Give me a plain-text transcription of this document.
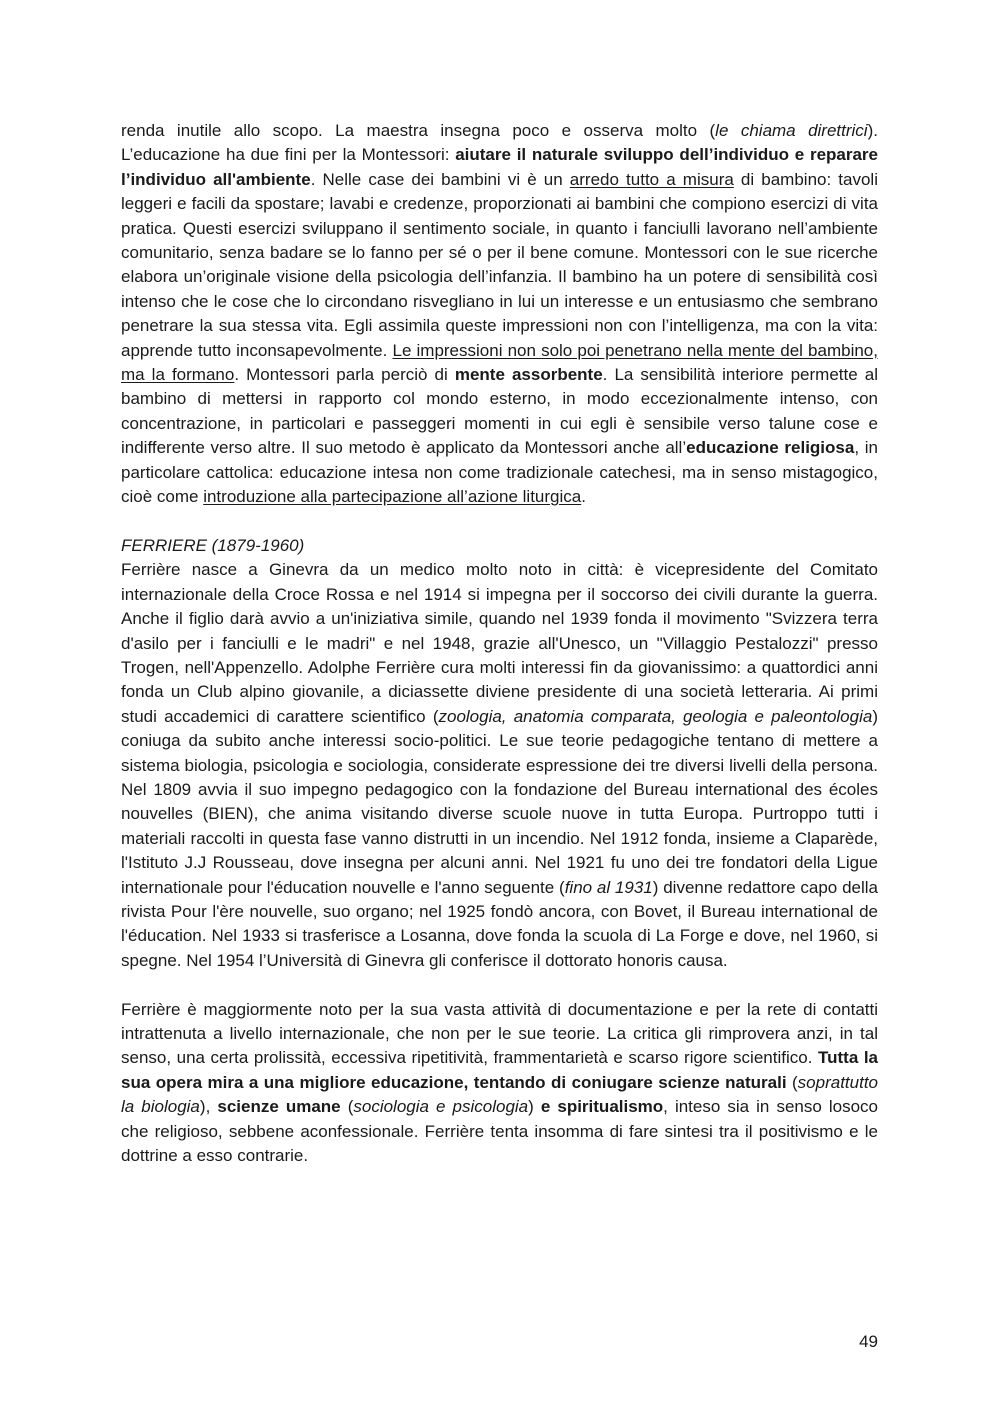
renda inutile allo scopo. La maestra insegna poco e osserva molto (le chiama direttrici). L’educazione ha due fini per la Montessori: aiutare il naturale sviluppo dell’individuo e reparare l’individuo all'ambiente. Nelle case dei bambini vi è un arredo tutto a misura di bambino: tavoli leggeri e facili da spostare; lavabi e credenze, proporzionati ai bambini che compiono esercizi di vita pratica. Questi esercizi sviluppano il sentimento sociale, in quanto i fanciulli lavorano nell’ambiente comunitario, senza badare se lo fanno per sé o per il bene comune. Montessori con le sue ricerche elabora un’originale visione della psicologia dell’infanzia. Il bambino ha un potere di sensibilità così intenso che le cose che lo circondano risvegliano in lui un interesse e un entusiasmo che sembrano penetrare la sua stessa vita. Egli assimila queste impressioni non con l’intelligenza, ma con la vita: apprende tutto inconsapevolmente. Le impressioni non solo poi penetrano nella mente del bambino, ma la formano. Montessori parla perciò di mente assorbente. La sensibilità interiore permette al bambino di mettersi in rapporto col mondo esterno, in modo eccezionalmente intenso, con concentrazione, in particolari e passeggeri momenti in cui egli è sensibile verso talune cose e indifferente verso altre. Il suo metodo è applicato da Montessori anche all’educazione religiosa, in particolare cattolica: educazione intesa non come tradizionale catechesi, ma in senso mistagogico, cioè come introduzione alla partecipazione all’azione liturgica.

FERRIERE (1879-1960)

Ferrière nasce a Ginevra da un medico molto noto in città: è vicepresidente del Comitato internazionale della Croce Rossa e nel 1914 si impegna per il soccorso dei civili durante la guerra. Anche il figlio darà avvio a un'iniziativa simile, quando nel 1939 fonda il movimento "Svizzera terra d'asilo per i fanciulli e le madri" e nel 1948, grazie all'Unesco, un "Villaggio Pestalozzi" presso Trogen, nell'Appenzello. Adolphe Ferrière cura molti interessi fin da giovanissimo: a quattordici anni fonda un Club alpino giovanile, a diciassette diviene presidente di una società letteraria. Ai primi studi accademici di carattere scientifico (zoologia, anatomia comparata, geologia e paleontologia) coniuga da subito anche interessi socio-politici. Le sue teorie pedagogiche tentano di mettere a sistema biologia, psicologia e sociologia, considerate espressione dei tre diversi livelli della persona. Nel 1809 avvia il suo impegno pedagogico con la fondazione del Bureau international des écoles nouvelles (BIEN), che anima visitando diverse scuole nuove in tutta Europa. Purtroppo tutti i materiali raccolti in questa fase vanno distrutti in un incendio. Nel 1912 fonda, insieme a Claparède, l'Istituto J.J Rousseau, dove insegna per alcuni anni. Nel 1921 fu uno dei tre fondatori della Ligue internationale pour l'éducation nouvelle e l'anno seguente (fino al 1931) divenne redattore capo della rivista Pour l'ère nouvelle, suo organo; nel 1925 fondò ancora, con Bovet, il Bureau international de l'éducation. Nel 1933 si trasferisce a Losanna, dove fonda la scuola di La Forge e dove, nel 1960, si spegne. Nel 1954 l’Università di Ginevra gli conferisce il dottorato honoris causa.

Ferrière è maggiormente noto per la sua vasta attività di documentazione e per la rete di contatti intrattenuta a livello internazionale, che non per le sue teorie. La critica gli rimprovera anzi, in tal senso, una certa prolissità, eccessiva ripetitività, frammentarietà e scarso rigore scientifico. Tutta la sua opera mira a una migliore educazione, tentando di coniugare scienze naturali (soprattutto la biologia), scienze umane (sociologia e psicologia) e spiritualismo, inteso sia in senso losoco che religioso, sebbene aconfessionale. Ferrière tenta insomma di fare sintesi tra il positivismo e le dottrine a esso contrarie.

49
